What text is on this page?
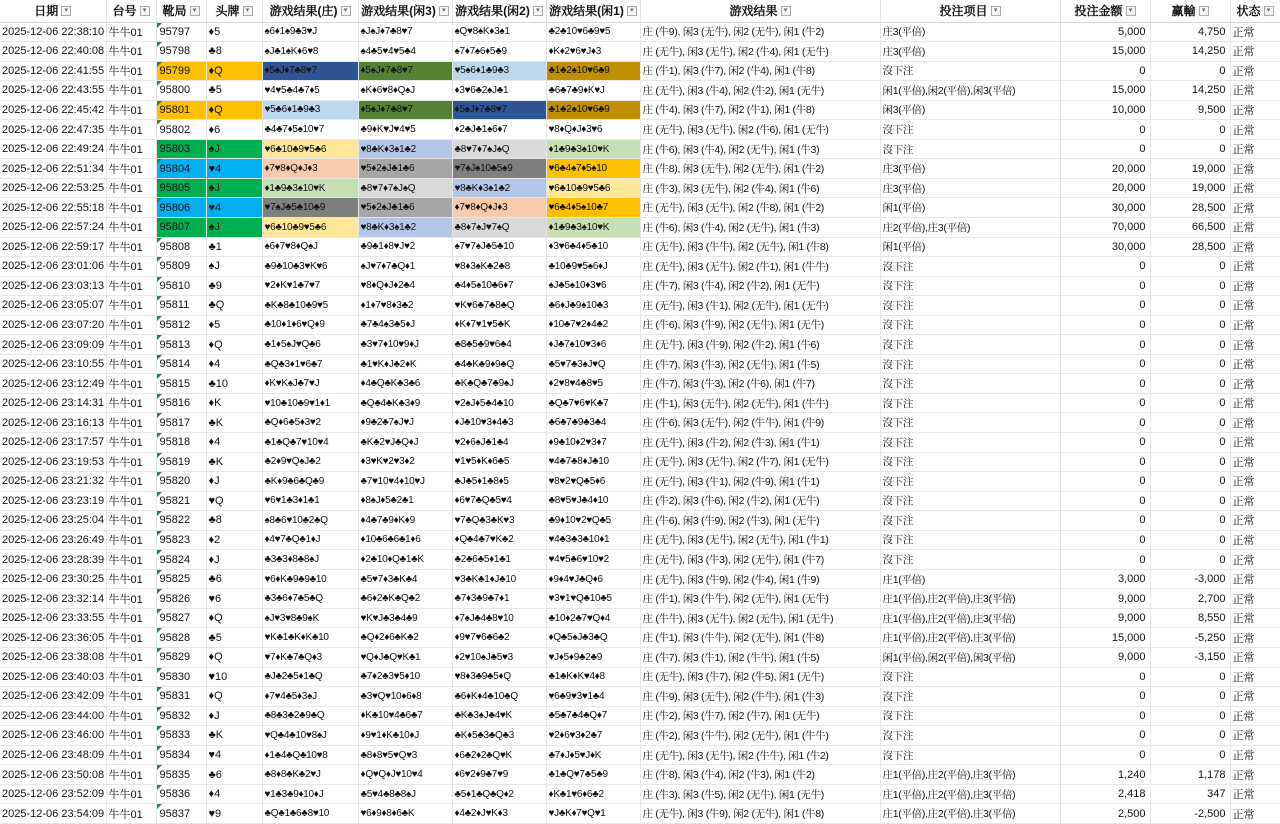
日期 ▾	台号 ▾	靴局 ▾	头牌 ▾	游戏结果(庄) ▾	游戏结果(闲3) ▾	游戏结果(闲2) ▾	游戏结果(闲1) ▾	游戏结果 ▾	投注项目 ▾	投注金额 ▾	赢輸 ▾	状态 ▾

2025-12-06 22:38:10	牛牛01	95797	♦5	♠6♦1♠9♣3♥J	♠J♠J♦7♣8♥7	♠Q♥8♠K♦3♠1	♣2♣10♥6♣9♥5	庄 (牛9), 闲3 (无牛), 闲2 (无牛), 闲1 (牛2)	庄3(平倍)	5,000	4,750	正常
2025-12-06 22:40:08	牛牛01	95798	♣8	♠J♣1♠K♦6♥8	♠4♣5♥4♥5♣4	♠7♦7♠6♦5♣9	♦K♦2♥6♥J♦3	庄 (无牛), 闲3 (无牛), 闲2 (牛4), 闲1 (无牛)	庄3(平倍)	15,000	14,250	正常
2025-12-06 22:41:55	牛牛01	95799	♦Q	♦5♠J♦7♣8♥7	♦5♠J♦7♣8♥7	♥5♠6♦1♣9♣3	♣1♣2♠10♥6♣9	庄 (牛1), 闲3 (牛7), 闲2 (牛4), 闲1 (牛8)	沒下注	0	0	正常
2025-12-06 22:43:55	牛牛01	95800	♣5	♥4♥5♣4♣7♦5	♠K♦6♥8♦Q♠J	♦3♥6♣2♠J♣1	♣6♣7♣9♦K♥J	庄 (无牛), 闲3 (牛4), 闲2 (牛2), 闲1 (无牛)	闲1(平倍),闲2(平倍),闲3(平倍)	15,000	14,250	正常
2025-12-06 22:45:42	牛牛01	95801	♦Q	♥5♣6♦1♣9♣3	♦5♠J♦7♣8♥7	♦5♠J♦7♣8♥7	♣1♣2♠10♥6♣9	庄 (牛4), 闲3 (牛7), 闲2 (牛1), 闲1 (牛8)	闲3(平倍)	10,000	9,500	正常
2025-12-06 22:47:35	牛牛01	95802	♦6	♣4♣7♦5♠10♥7	♣9♦K♥J♥4♥5	♦2♣J♣1♠6♦7	♥8♦Q♦J♦3♥6	庄 (无牛), 闲3 (无牛), 闲2 (牛6), 闲1 (无牛)	沒下注	0	0	正常
2025-12-06 22:49:24	牛牛01	95803	♠J	♥6♣10♣9♥5♣6	♥8♣K♦3♠1♣2	♣8♥7♦7♠J♠Q	♦1♣9♣3♠10♥K	庄 (牛6), 闲3 (牛4), 闲2 (无牛), 闲1 (牛3)	沒下注	0	0	正常
2025-12-06 22:51:34	牛牛01	95804	♥4	♦7♥8♦Q♦J♦3	♥5♦2♠J♣1♣6	♥7♠J♠10♣5♠9	♥6♣4♠7♦5♠10	庄 (牛8), 闲3 (无牛), 闲2 (无牛), 闲1 (牛2)	庄3(平倍)	20,000	19,000	正常
2025-12-06 22:53:25	牛牛01	95805	♠J	♦1♣9♣3♠10♥K	♣8♥7♦7♠J♠Q	♥8♣K♦3♠1♣2	♥6♣10♣9♥5♣6	庄 (牛3), 闲3 (无牛), 闲2 (牛4), 闲1 (牛6)	庄3(平倍)	20,000	19,000	正常
2025-12-06 22:55:18	牛牛01	95806	♥4	♥7♠J♣5♣10♣9	♥5♦2♠J♣1♣6	♦7♥8♦Q♦J♦3	♥6♣4♦5♠10♣7	庄 (无牛), 闲3 (无牛), 闲2 (牛8), 闲1 (牛2)	闲1(平倍)	30,000	28,500	正常
2025-12-06 22:57:24	牛牛01	95807	♠J	♥6♣10♣9♥5♣6	♥8♣K♦3♠1♣2	♣8♦7♠J♥7♠Q	♦1♣9♣3♠10♥K	庄 (牛6), 闲3 (牛4), 闲2 (无牛), 闲1 (牛3)	庄2(平倍),庄3(平倍)	70,000	66,500	正常
2025-12-06 22:59:17	牛牛01	95808	♣1	♠6♦7♥8♦Q♠J	♣9♣1♦8♥J♥2	♠7♥7♠J♣5♣10	♦3♥6♣4♦5♣10	庄 (无牛), 闲3 (牛牛), 闲2 (无牛), 闲1 (牛8)	闲1(平倍)	30,000	28,500	正常
2025-12-06 23:01:06	牛牛01	95809	♠J	♣9♣10♣3♥K♥6	♠J♥7♦7♣Q♦1	♥8♦3♠K♣2♣8	♣10♣9♥5♠6♦J	庄 (无牛), 闲3 (无牛), 闲2 (牛1), 闲1 (牛牛)	沒下注	0	0	正常
2025-12-06 23:03:13	牛牛01	95810	♣9	♥2♦K♥1♣7♥7	♥8♦Q♦J♦2♣4	♣4♦5♠10♣6♦7	♠J♣5♠10♦3♥6	庄 (牛7), 闲3 (牛4), 闲2 (牛2), 闲1 (无牛)	沒下注	0	0	正常
2025-12-06 23:05:07	牛牛01	95811	♣Q	♣K♣8♣10♣9♥5	♦1♦7♥8♦3♣2	♥K♥6♣7♣8♣Q	♣6♦J♣9♠10♣3	庄 (无牛), 闲3 (牛1), 闲2 (无牛), 闲1 (无牛)	沒下注	0	0	正常
2025-12-06 23:07:20	牛牛01	95812	♦5	♣10♦1♦6♥Q♦9	♣7♣4♠3♣5♦J	♦K♦7♥1♥5♣K	♦10♣7♥2♦4♣2	庄 (牛6), 闲3 (牛9), 闲2 (无牛), 闲1 (无牛)	沒下注	0	0	正常
2025-12-06 23:09:09	牛牛01	95813	♦Q	♣1♦5♠J♥Q♣6	♣3♥7♦10♥9♦J	♣8♣5♣9♥6♣4	♦J♣7♠10♥3♦6	庄 (无牛), 闲3 (牛9), 闲2 (牛2), 闲1 (牛6)	沒下注	0	0	正常
2025-12-06 23:10:55	牛牛01	95814	♦4	♣Q♣3♦1♥6♣7	♣1♥K♦J♣2♦K	♣4♣K♣9♦9♣Q	♣5♥7♣3♠J♥Q	庄 (牛7), 闲3 (牛3), 闲2 (无牛), 闲1 (牛5)	沒下注	0	0	正常
2025-12-06 23:12:49	牛牛01	95815	♣10	♦K♥K♠J♣7♥J	♦4♣Q♣K♣3♣6	♣K♣Q♣7♣9♠J	♦2♥8♥4♣8♥5	庄 (牛7), 闲3 (牛3), 闲2 (牛6), 闲1 (牛7)	沒下注	0	0	正常
2025-12-06 23:14:31	牛牛01	95816	♦K	♥10♣10♣9♥1♦1	♣Q♣4♣K♣3♦9	♥2♠J♦5♣4♣10	♣Q♣7♥6♥K♣7	庄 (牛1), 闲3 (无牛), 闲2 (无牛), 闲1 (牛牛)	沒下注	0	0	正常
2025-12-06 23:16:13	牛牛01	95817	♣K	♣Q♦6♣5♦3♥2	♦9♣2♣7♠J♥J	♦J♣10♥3♦4♣3	♣6♣7♣9♣3♣4	庄 (牛6), 闲3 (无牛), 闲2 (牛牛), 闲1 (牛9)	沒下注	0	0	正常
2025-12-06 23:17:57	牛牛01	95818	♦4	♣1♣Q♣7♥10♥4	♣K♣2♥J♣Q♦J	♥2♦6♠J♣1♣4	♦9♣10♦2♥3♦7	庄 (无牛), 闲3 (牛2), 闲2 (牛3), 闲1 (牛1)	沒下注	0	0	正常
2025-12-06 23:19:53	牛牛01	95819	♣K	♣2♦9♥Q♠J♣2	♦3♥K♥2♥3♦2	♥1♥5♦K♦6♣5	♥4♣7♣8♦J♣10	庄 (无牛), 闲3 (无牛), 闲2 (牛7), 闲1 (无牛)	沒下注	0	0	正常
2025-12-06 23:21:32	牛牛01	95820	♦J	♣K♦9♣6♣Q♣9	♣7♥10♥4♦10♥J	♣J♣5♦1♣8♦5	♥8♥2♥Q♣5♦6	庄 (无牛), 闲3 (牛1), 闲2 (牛9), 闲1 (牛1)	沒下注	0	0	正常
2025-12-06 23:23:19	牛牛01	95821	♥Q	♥6♥1♣3♦1♣1	♦8♠J♦5♣2♣1	♦6♥7♣Q♣5♥4	♣8♥5♥J♣4♦10	庄 (牛2), 闲3 (牛6), 闲2 (牛2), 闲1 (无牛)	沒下注	0	0	正常
2025-12-06 23:25:04	牛牛01	95822	♣8	♠8♣6♥10♣2♣Q	♦4♣7♣9♦K♦9	♥7♣Q♣3♣K♥3	♣9♦10♥2♥Q♣5	庄 (牛6), 闲3 (牛9), 闲2 (牛3), 闲1 (无牛)	沒下注	0	0	正常
2025-12-06 23:26:49	牛牛01	95823	♦2	♦4♥7♣Q♣1♦J	♦10♣6♣6♣1♦6	♦Q♣4♣7♥K♣2	♥4♣3♣3♣10♦1	庄 (无牛), 闲3 (无牛), 闲2 (无牛), 闲1 (牛1)	沒下注	0	0	正常
2025-12-06 23:28:39	牛牛01	95824	♦J	♣3♣3♦8♣8♠J	♦2♣10♦Q♣1♣K	♣2♣6♣5♦1♣1	♥4♥5♣6♥10♥2	庄 (无牛), 闲3 (牛3), 闲2 (无牛), 闲1 (牛7)	沒下注	0	0	正常
2025-12-06 23:30:25	牛牛01	95825	♣6	♥6♦K♣9♣9♣10	♣5♥7♦3♣K♣4	♥3♣K♣1♦J♣10	♦9♦4♥J♣Q♦6	庄 (无牛), 闲3 (牛9), 闲2 (牛4), 闲1 (牛9)	庄1(平倍)	3,000	-3,000	正常
2025-12-06 23:32:14	牛牛01	95826	♥6	♣3♣6♦7♣5♣Q	♣6♦2♣K♣Q♣2	♣7♦3♣9♣7♦1	♥3♥1♥Q♣10♣5	庄 (牛1), 闲3 (牛牛), 闲2 (无牛), 闲1 (无牛)	庄1(平倍),庄2(平倍),庄3(平倍)	9,000	2,700	正常
2025-12-06 23:33:55	牛牛01	95827	♦Q	♠J♥3♥8♣9♠K	♥K♥J♣3♣4♣9	♦7♠J♣4♣8♥10	♣10♦2♣7♥Q♦4	庄 (牛牛), 闲3 (无牛), 闲2 (无牛), 闲1 (无牛)	庄1(平倍),庄2(平倍),庄3(平倍)	9,000	8,550	正常
2025-12-06 23:36:05	牛牛01	95828	♣5	♥K♣1♣K♦K♣10	♣Q♦2♦6♣K♣2	♦9♥7♥6♣6♣2	♦Q♣5♠J♣3♣Q	庄 (牛1), 闲3 (牛牛), 闲2 (无牛), 闲1 (牛8)	庄1(平倍),庄2(平倍),庄3(平倍)	15,000	-5,250	正常
2025-12-06 23:38:08	牛牛01	95829	♦Q	♥7♦K♣7♣Q♦3	♥Q♦J♣Q♥K♣1	♦2♥10♠J♣5♥3	♥J♦5♦9♣2♣9	庄 (牛7), 闲3 (牛1), 闲2 (牛牛), 闲1 (牛5)	闲1(平倍),闲2(平倍),闲3(平倍)	9,000	-3,150	正常
2025-12-06 23:40:03	牛牛01	95830	♥10	♣J♣2♣5♦1♣Q	♣7♦2♣3♥5♦10	♥8♦3♣9♣5♦Q	♣1♣K♦K♥4♦8	庄 (无牛), 闲3 (牛7), 闲2 (牛5), 闲1 (无牛)	沒下注	0	0	正常
2025-12-06 23:42:09	牛牛01	95831	♦Q	♦7♥4♣5♦3♠J	♣3♥Q♥10♦6♦8	♣6♦K♦4♣10♣Q	♥6♣9♥3♥1♣4	庄 (牛9), 闲3 (无牛), 闲2 (牛牛), 闲1 (牛3)	沒下注	0	0	正常
2025-12-06 23:44:00	牛牛01	95832	♦J	♣8♣3♣2♣9♣Q	♦K♣10♥4♣6♣7	♣K♣3♠J♣4♥K	♣5♣7♣4♣Q♦7	庄 (牛2), 闲3 (牛7), 闲2 (牛7), 闲1 (无牛)	沒下注	0	0	正常
2025-12-06 23:46:00	牛牛01	95833	♣K	♥Q♣4♣10♥8♠J	♦9♥1♦K♣10♦J	♣K♦5♣3♣Q♣3	♥2♦6♥3♦2♣7	庄 (牛2), 闲3 (牛牛), 闲2 (无牛), 闲1 (牛牛)	沒下注	0	0	正常
2025-12-06 23:48:09	牛牛01	95834	♥4	♦1♣4♣Q♣10♥8	♣8♦8♥5♥Q♥3	♦6♣2♦2♣Q♥K	♣7♦J♦5♥J♦K	庄 (无牛), 闲3 (无牛), 闲2 (牛牛), 闲1 (牛2)	沒下注	0	0	正常
2025-12-06 23:50:08	牛牛01	95835	♣6	♣8♦8♣K♣2♥J	♦Q♥Q♦J♥10♥4	♦6♥2♦9♣7♥9	♣1♣Q♥7♣5♣9	庄 (牛8), 闲3 (牛4), 闲2 (牛3), 闲1 (牛2)	庄1(平倍),庄2(平倍),庄3(平倍)	1,240	1,178	正常
2025-12-06 23:52:09	牛牛01	95836	♦4	♥1♣3♣9♦10♦J	♣5♥4♣8♣8♠J	♣5♦1♣Q♣Q♦2	♦K♣1♥6♦6♣2	庄 (牛3), 闲3 (牛5), 闲2 (无牛), 闲1 (无牛)	庄1(平倍),庄2(平倍),庄3(平倍)	2,418	347	正常
2025-12-06 23:54:09	牛牛01	95837	♥9	♣Q♣1♣6♣8♥10	♥6♦9♦8♦6♣K	♦4♣2♦J♥K♦3	♥J♣K♦7♥Q♥1	庄 (无牛), 闲3 (牛9), 闲2 (无牛), 闲1 (牛8)	庄1(平倍),庄2(平倍),庄3(平倍)	2,500	-2,500	正常
